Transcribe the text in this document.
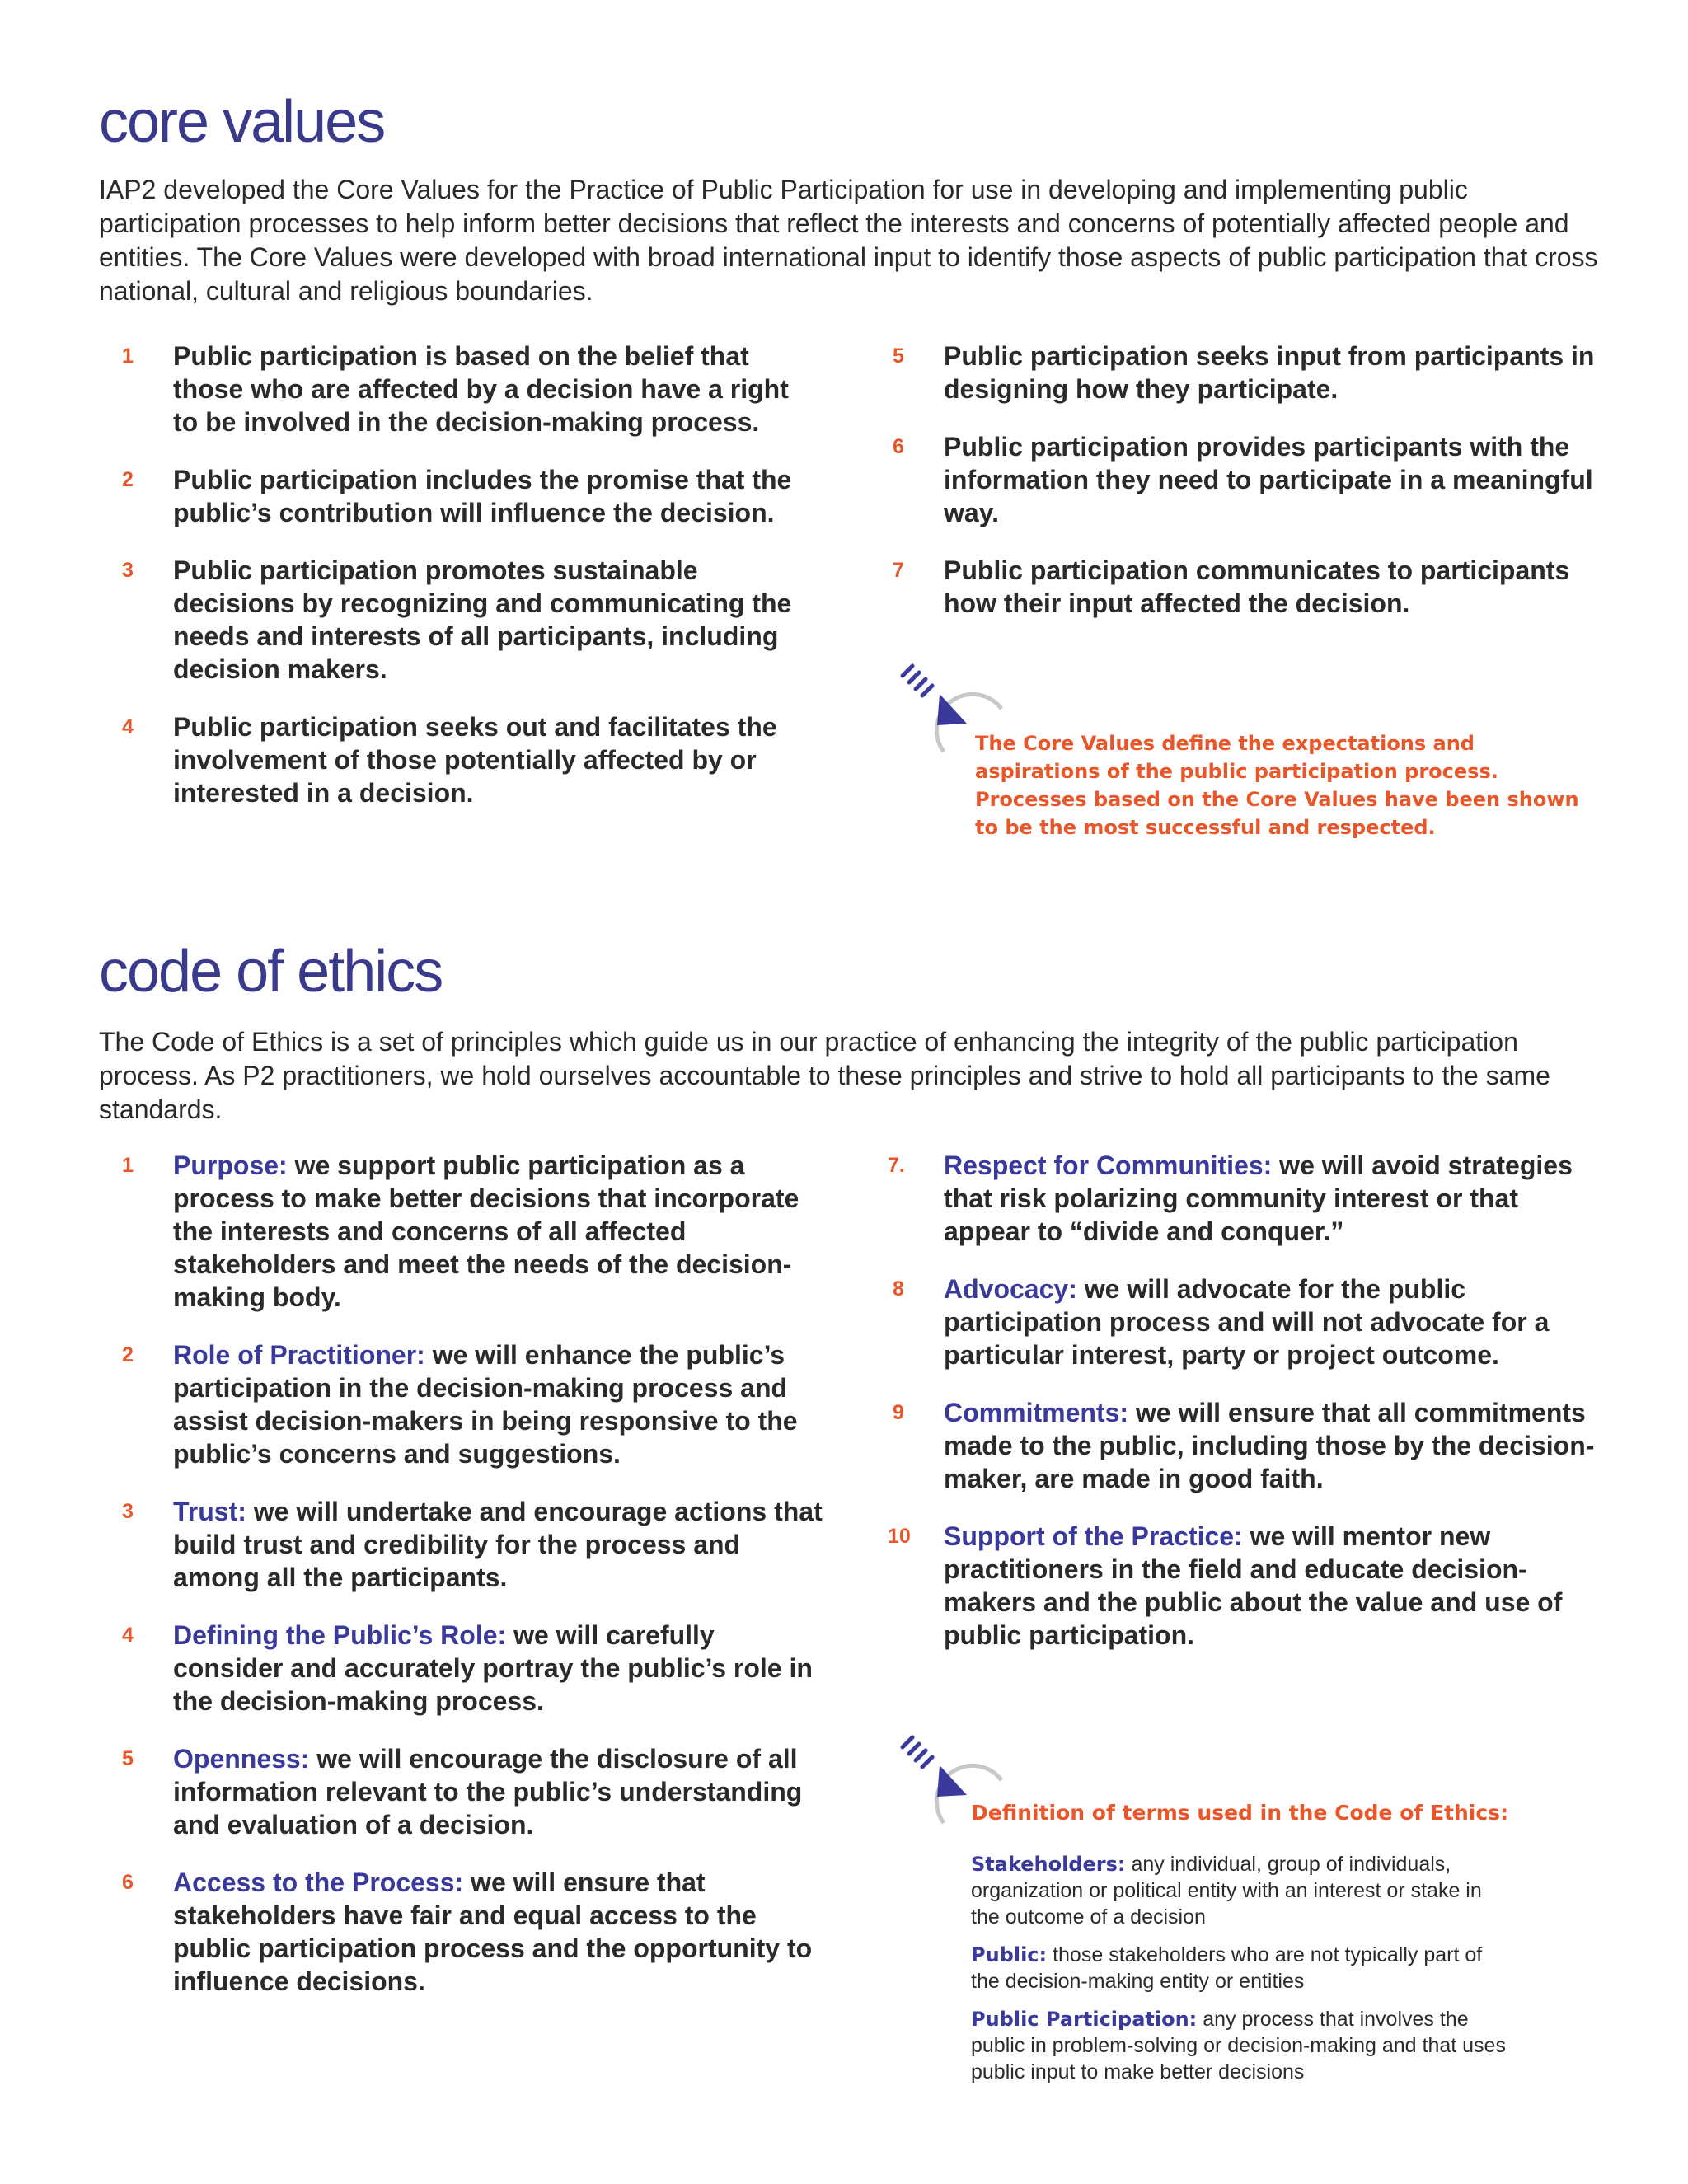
core values

IAP2 developed the Core Values for the Practice of Public Participation for use in developing and implementing public participation processes to help inform better decisions that reflect the interests and concerns of potentially affected people and entities. The Core Values were developed with broad international input to identify those aspects of public participation that cross national, cultural and religious boundaries.

1 Public participation is based on the belief that those who are affected by a decision have a right to be involved in the decision-making process.
2 Public participation includes the promise that the public’s contribution will influence the decision.
3 Public participation promotes sustainable decisions by recognizing and communicating the needs and interests of all participants, including decision makers.
4 Public participation seeks out and facilitates the involvement of those potentially affected by or interested in a decision.
5 Public participation seeks input from participants in designing how they participate.
6 Public participation provides participants with the information they need to participate in a meaningful way.
7 Public participation communicates to participants how their input affected the decision.
The Core Values define the expectations and aspirations of the public participation process. Processes based on the Core Values have been shown to be the most successful and respected.
code of ethics

The Code of Ethics is a set of principles which guide us in our practice of enhancing the integrity of the public participation process. As P2 practitioners, we hold ourselves accountable to these principles and strive to hold all participants to the same standards.

1 Purpose: we support public participation as a process to make better decisions that incorporate the interests and concerns of all affected stakeholders and meet the needs of the decision-making body.
2 Role of Practitioner: we will enhance the public’s participation in the decision-making process and assist decision-makers in being responsive to the public’s concerns and suggestions.
3 Trust: we will undertake and encourage actions that build trust and credibility for the process and among all the participants.
4 Defining the Public’s Role: we will carefully consider and accurately portray the public’s role in the decision-making process.
5 Openness: we will encourage the disclosure of all information relevant to the public’s understanding and evaluation of a decision.
6 Access to the Process: we will ensure that stakeholders have fair and equal access to the public participation process and the opportunity to influence decisions.
7. Respect for Communities: we will avoid strategies that risk polarizing community interest or that appear to “divide and conquer.”
8 Advocacy: we will advocate for the public participation process and will not advocate for a particular interest, party or project outcome.
9 Commitments: we will ensure that all commitments made to the public, including those by the decision-maker, are made in good faith.
10 Support of the Practice: we will mentor new practitioners in the field and educate decision-makers and the public about the value and use of public participation.
Definition of terms used in the Code of Ethics:
Stakeholders: any individual, group of individuals, organization or political entity with an interest or stake in the outcome of a decision
Public: those stakeholders who are not typically part of the decision-making entity or entities
Public Participation: any process that involves the public in problem-solving or decision-making and that uses public input to make better decisions
